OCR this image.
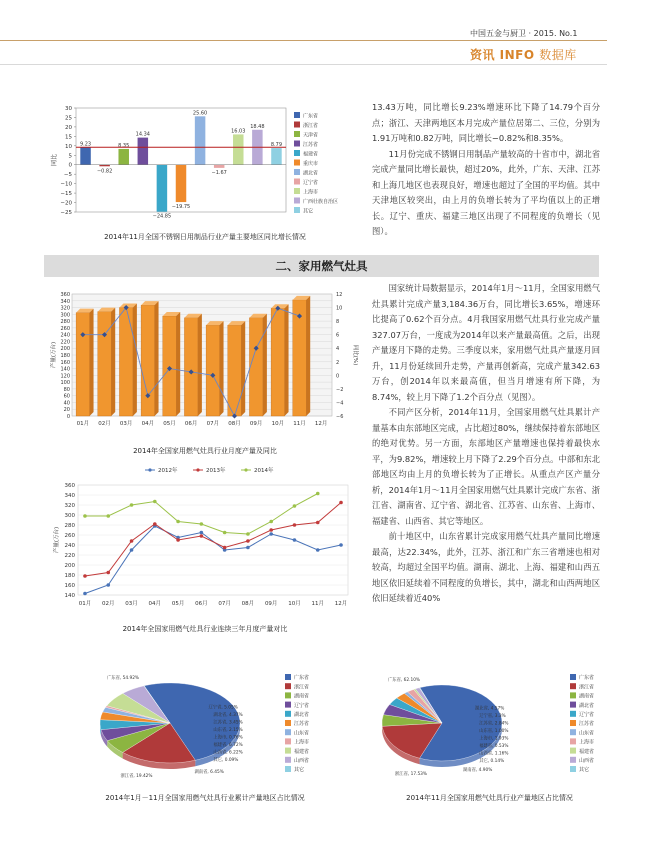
中国五金与厨卫 · 2015. No.1
资讯 INFO 数据库
30
25
20
15
10
5
0
−5
−10
−15
−20
−25
同比
9.23
−0.82
8.35
14.34
−24.85
−19.75
25.60
−1.67
16.03
18.48
8.79
广东省
浙江省
天津省
江苏省
福建省
重庆市
湖北省
辽宁省
上海市
广西壮族自治区
其它
2014年11月全国不锈钢日用制品行业产量主要地区同比增长情况

13.43万吨，同比增长9.23%增速环比下降了14.79个百分点；浙江、天津两地区本月完成产量位居第二、三位，分别为1.91万吨和0.82万吨，同比增长−0.82%和8.35%。

11月份完成不锈钢日用制品产量较高的十省市中，湖北省完成产量同比增长最快，超过20%，此外，广东、天津、江苏和上海几地区也表现良好，增速也超过了全国的平均值。其中天津地区较突出，由上月的负增长转为了平均值以上的正增长。辽宁、重庆、福建三地区出现了不同程度的负增长（见图）。

二、家用燃气灶具
360
340
320
300
280
260
240
220
200
180
160
140
120
100
80
60
40
20
0
12
10
8
6
4
2
0
−2
−4
−6
产量(万台)	同比(%)
01月 02月 03月 04月 05月 06月 07月 08月 09月 10月 11月 12月
2014年全国家用燃气灶具行业月度产量及同比
2012年	2013年	2014年
360
340
320
300
280
260
240
220
200
180
160
140
产量(万台)
01月 02月 03月 04月 05月 06月 07月 08月 09月 10月 11月 12月
2014年全国家用燃气灶具行业连续三年月度产量对比

国家统计局数据显示，2014年1月～11月，全国家用燃气灶具累计完成产量3,184.36万台，同比增长3.65%，增速环比提高了0.62个百分点。4月我国家用燃气灶具行业完成产量327.07万台，一度成为2014年以来产量最高值。之后，出现产量逐月下降的走势。三季度以来，家用燃气灶具产量逐月回升，11月份延续回升走势，产量再创新高，完成产量342.63万台，创2014年以来最高值，但当月增速有所下降，为8.74%，较上月下降了1.2个百分点（见图）。

不同产区分析，2014年11月，全国家用燃气灶具累计产量基本由东部地区完成，占比超过80%，继续保持着东部地区的绝对优势。另一方面，东部地区产量增速也保持着最快水平，为9.82%，增速较上月下降了2.29个百分点。中部和东北部地区均由上月的负增长转为了正增长。从重点产区产量分析，2014年1月～11月全国家用燃气灶具累计完成广东省、浙江省、湖南省、辽宁省、湖北省、江苏省、山东省、上海市、福建省、山西省、其它等地区。

前十地区中，山东省累计完成家用燃气灶具产量同比增速最高，达22.34%，此外，江苏、浙江和广东三省增速也相对较高，均超过全国平均值。湖南、湖北、上海、福建和山西五地区依旧延续着不同程度的负增长，其中，湖北和山西两地区依旧延续着近40%

广东省, 54.92%
浙江省, 19.42%
湖南省, 6.45%
辽宁省, 5.05%
湖北省, 4.37%
江苏省, 3.45%
山东省, 2.15%
上海市, 0.76%
福建省, 6.72%
山西省, 6.22%
其它, 0.09%
广东省
浙江省
湖南省
辽宁省
湖北省
江苏省
山东省
上海市
福建省
山西省
其它
2014年1月－11月全国家用燃气灶具行业累计产量地区占比情况
广东省, 62.10%
浙江省, 17.53%
湖南省, 4.90%
湖北省, 4.57%
辽宁省, 3.3%
江苏省, 2.84%
山东省, 1.00%
上海市, 1.93%
福建省, 0.53%
山西省, 1.16%
其它, 0.14%
广东省
浙江省
湖南省
湖北省
辽宁省
江苏省
山东省
上海市
福建省
山西省
其它
2014年11月全国家用燃气灶具行业产量地区占比情况
